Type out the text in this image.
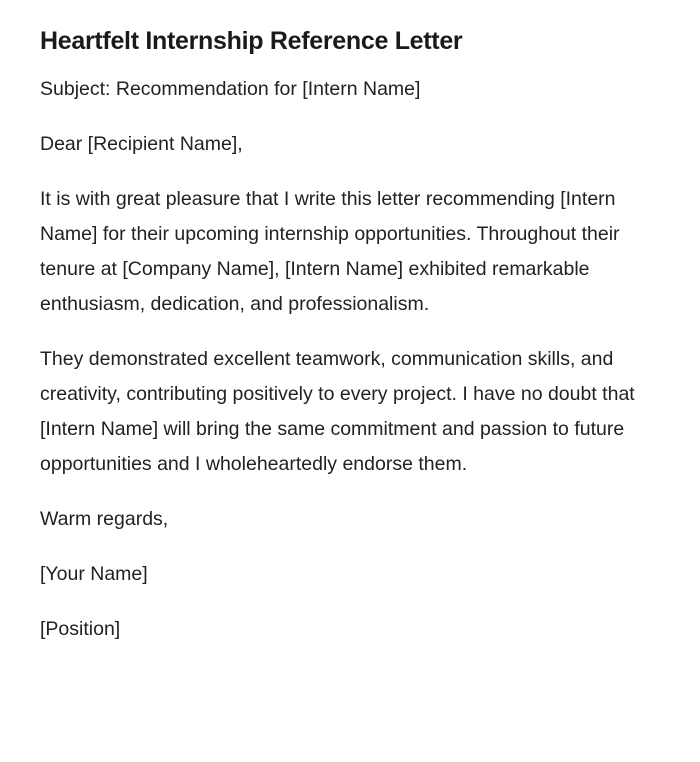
Heartfelt Internship Reference Letter

Subject: Recommendation for [Intern Name]

Dear [Recipient Name],

It is with great pleasure that I write this letter recommending [Intern Name] for their upcoming internship opportunities. Throughout their tenure at [Company Name], [Intern Name] exhibited remarkable enthusiasm, dedication, and professionalism.

They demonstrated excellent teamwork, communication skills, and creativity, contributing positively to every project. I have no doubt that [Intern Name] will bring the same commitment and passion to future opportunities and I wholeheartedly endorse them.

Warm regards,

[Your Name]

[Position]
